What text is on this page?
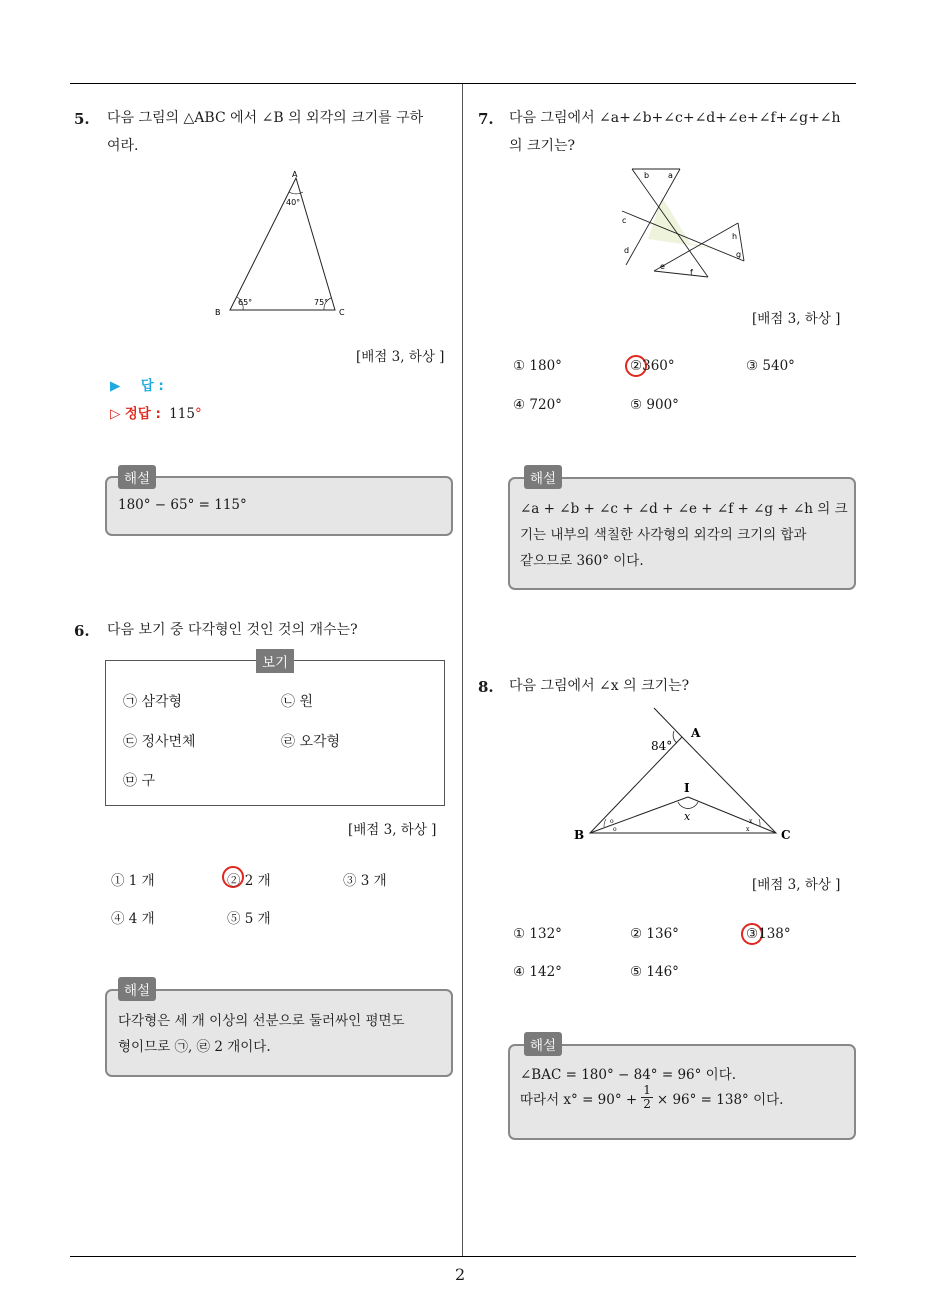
2
5. 다음 그림의 △ABC 에서 ∠B 의 외각의 크기를 구하
여라.
A
B	C
40°
65°	75°
[배점 3, 하상 ]
▶ 답 :
▷ 정답 : 115°
해설
180° − 65° = 115°
6. 다음 보기 중 다각형인 것인 것의 개수는?
보기
㉠ 삼각형	㉡ 원
㉢ 정사면체	㉣ 오각형
㉤ 구
[배점 3, 하상 ]
① 1 개	② 2 개	③ 3 개
④ 4 개	⑤ 5 개
해설
다각형은 세 개 이상의 선분으로 둘러싸인 평면도
형이므로 ㉠, ㉣ 2 개이다.
7. 다음 그림에서 ∠a+∠b+∠c+∠d+∠e+∠f+∠g+∠h
의 크기는?
b a
c
d
e
f
g
h
[배점 3, 하상 ]
① 180°	②360°	③ 540°
④ 720°	⑤ 900°
해설
∠a + ∠b + ∠c + ∠d + ∠e + ∠f + ∠g + ∠h 의 크
기는 내부의 색칠한 사각형의 외각의 크기의 합과
같으므로 360° 이다.
8. 다음 그림에서 ∠x 의 크기는?
o
o
x
x
A
B	C
I
84°
x
[배점 3, 하상 ]
① 132°	② 136°	③138°
④ 142°	⑤ 146°
해설
∠BAC = 180° − 84° = 96° 이다.
따라서 $x^\circ = 90^\circ + \frac{1}{2} \times 96^\circ = 138^\circ$ 이다.
